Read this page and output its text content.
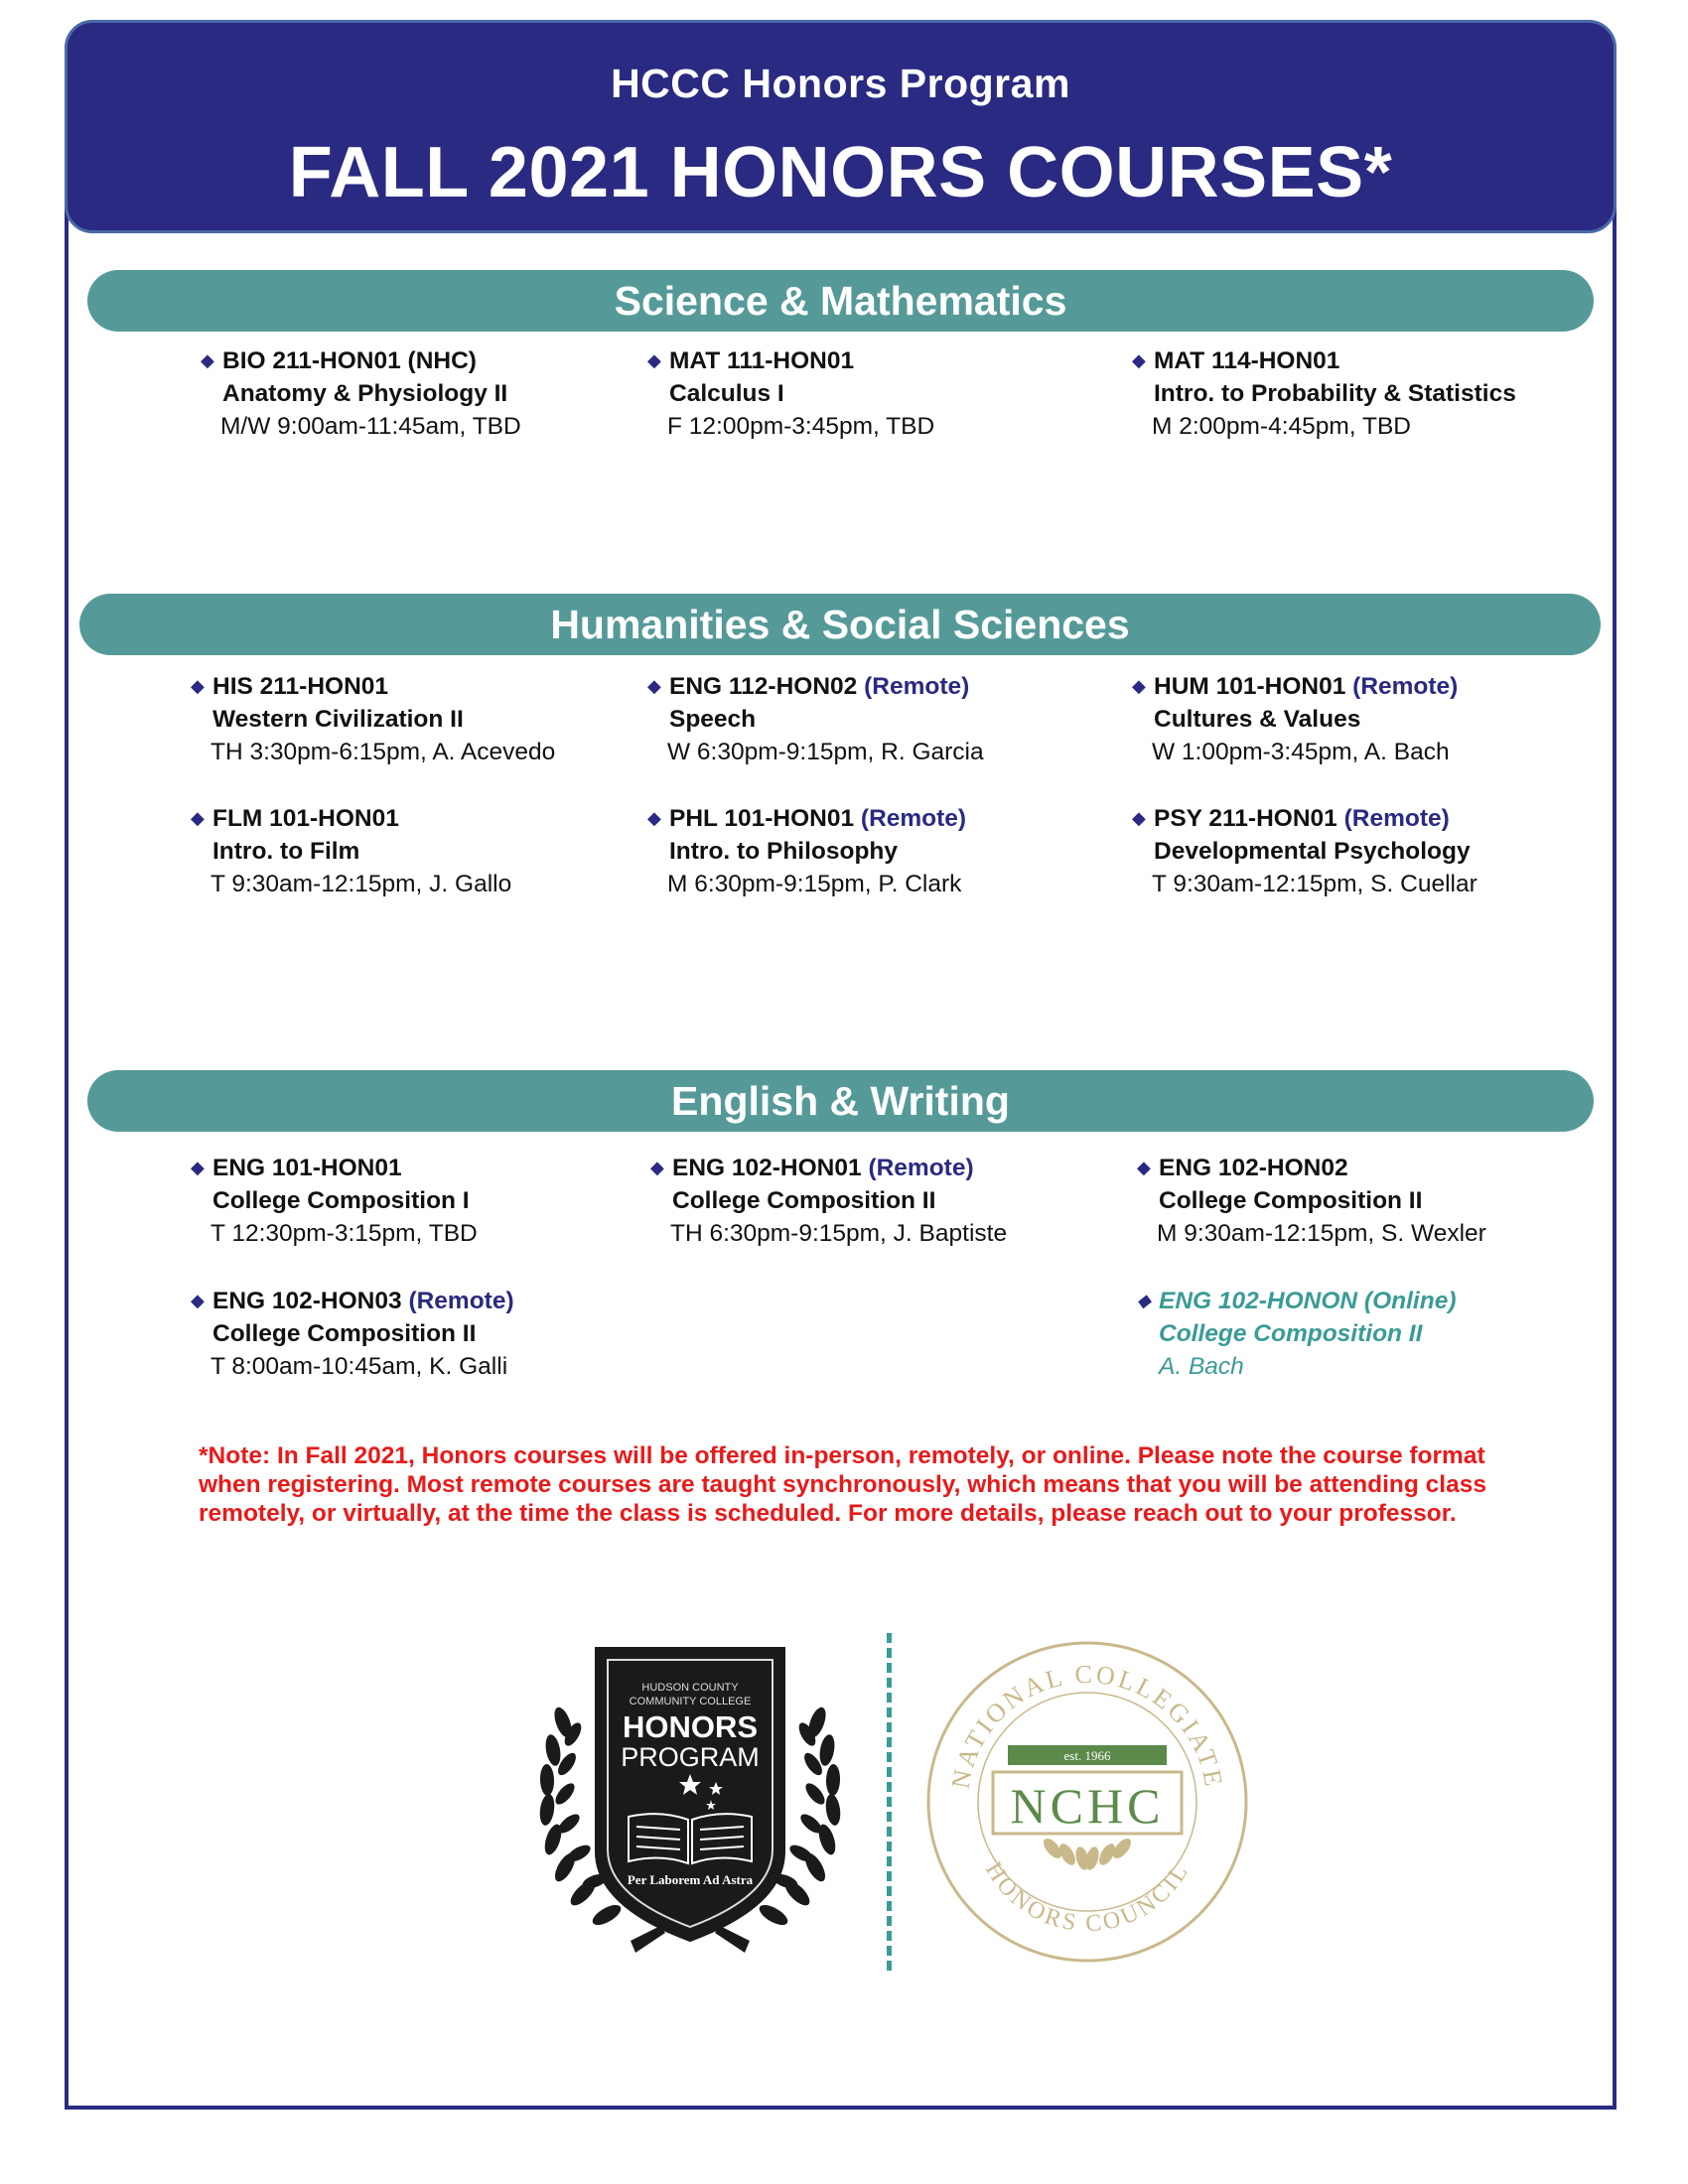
HCCC Honors Program
FALL 2021 HONORS COURSES*
Science & Mathematics
◆ BIO 211-HON01 (NHC)
Anatomy & Physiology II
M/W 9:00am-11:45am, TBD
◆ MAT 111-HON01
Calculus I
F 12:00pm-3:45pm, TBD
◆ MAT 114-HON01
Intro. to Probability & Statistics
M 2:00pm-4:45pm, TBD
Humanities & Social Sciences
◆ HIS 211-HON01
Western Civilization II
TH 3:30pm-6:15pm, A. Acevedo
◆ ENG 112-HON02 (Remote)
Speech
W 6:30pm-9:15pm, R. Garcia
◆ HUM 101-HON01 (Remote)
Cultures & Values
W 1:00pm-3:45pm, A. Bach
◆ FLM 101-HON01
Intro. to Film
T 9:30am-12:15pm, J. Gallo
◆ PHL 101-HON01 (Remote)
Intro. to Philosophy
M 6:30pm-9:15pm, P. Clark
◆ PSY 211-HON01 (Remote)
Developmental Psychology
T 9:30am-12:15pm, S. Cuellar
English & Writing
◆ ENG 101-HON01
College Composition I
T 12:30pm-3:15pm, TBD
◆ ENG 102-HON01 (Remote)
College Composition II
TH 6:30pm-9:15pm, J. Baptiste
◆ ENG 102-HON02
College Composition II
M 9:30am-12:15pm, S. Wexler
◆ ENG 102-HON03 (Remote)
College Composition II
T 8:00am-10:45am, K. Galli
◆ ENG 102-HONON (Online)
College Composition II
A. Bach
*Note: In Fall 2021, Honors courses will be offered in-person, remotely, or online. Please note the course format when registering. Most remote courses are taught synchronously, which means that you will be attending class remotely, or virtually, at the time the class is scheduled. For more details, please reach out to your professor.
HUDSON COUNTY
COMMUNITY COLLEGE
HONORS
PROGRAM
Per Laborem Ad Astra
NATIONAL COLLEGIATE
HONORS COUNCIL
est. 1966
NCHC
